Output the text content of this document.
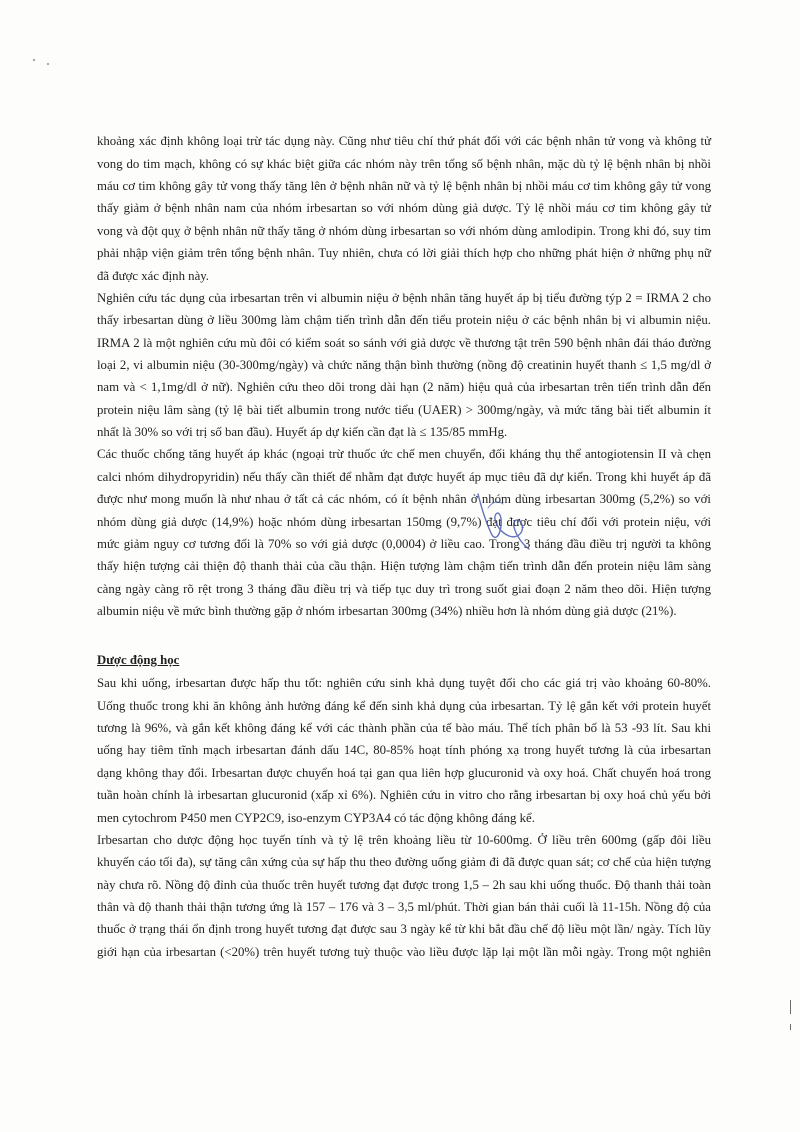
khoảng xác định không loại trừ tác dụng này. Cũng như tiêu chí thứ phát đối với các bệnh nhân tử vong và không tử
vong do tim mạch, không có sự khác biệt giữa các nhóm này trên tổng số bệnh nhân, mặc dù tỷ lệ bệnh nhân bị nhồi
máu cơ tim không gây tử vong thấy tăng lên ở bệnh nhân nữ và tỷ lệ bệnh nhân bị nhồi máu cơ tim không gây tử vong
thấy giảm ở bệnh nhân nam của nhóm irbesartan so với nhóm dùng giả dược. Tỷ lệ nhồi máu cơ tim không gây tử
vong và đột quỵ ở bệnh nhân nữ thấy tăng ở nhóm dùng irbesartan so với nhóm dùng amlodipin. Trong khi đó, suy tim
phải nhập viện giảm trên tổng bệnh nhân. Tuy nhiên, chưa có lời giải thích hợp cho những phát hiện ở những phụ nữ
đã được xác định này.
Nghiên cứu tác dụng của irbesartan trên vi albumin niệu ở bệnh nhân tăng huyết áp bị tiểu đường týp 2 = IRMA 2 cho
thấy irbesartan dùng ở liều 300mg làm chậm tiến trình dẫn đến tiểu protein niệu ở các bệnh nhân bị vi albumin niệu.
IRMA 2 là một nghiên cứu mù đôi có kiểm soát so sánh với giả dược về thương tật trên 590 bệnh nhân đái tháo đường
loại 2, vi albumin niệu (30-300mg/ngày) và chức năng thận bình thường (nồng độ creatinin huyết thanh ≤ 1,5 mg/dl ở
nam và < 1,1mg/dl ở nữ). Nghiên cứu theo dõi trong dài hạn (2 năm) hiệu quả của irbesartan trên tiến trình dẫn đến
protein niệu lâm sàng (tỷ lệ bài tiết albumin trong nước tiểu (UAER) > 300mg/ngày, và mức tăng bài tiết albumin ít
nhất là 30% so với trị số ban đầu). Huyết áp dự kiến cần đạt là ≤ 135/85 mmHg.
Các thuốc chống tăng huyết áp khác (ngoại trừ thuốc ức chế men chuyển, đối kháng thụ thể antogiotensin II và chẹn
calci nhóm dihydropyridin) nếu thấy cần thiết để nhằm đạt được huyết áp mục tiêu đã dự kiến. Trong khi huyết áp đã
được như mong muốn là như nhau ở tất cả các nhóm, có ít bệnh nhân ở nhóm dùng irbesartan 300mg (5,2%) so với
nhóm dùng giả dược (14,9%) hoặc nhóm dùng irbesartan 150mg (9,7%) đạt được tiêu chí đối với protein niệu, với
mức giảm nguy cơ tương đối là 70% so với giả dược (0,0004) ở liều cao. Trong 3 tháng đầu điều trị người ta không
thấy hiện tượng cải thiện độ thanh thải của cầu thận. Hiện tượng làm chậm tiến trình dẫn đến protein niệu lâm sàng
càng ngày càng rõ rệt trong 3 tháng đầu điều trị và tiếp tục duy trì trong suốt giai đoạn 2 năm theo dõi. Hiện tượng
albumin niệu về mức bình thường gặp ở nhóm irbesartan 300mg (34%) nhiều hơn là nhóm dùng giả dược (21%).
Dược động học
Sau khi uống, irbesartan được hấp thu tốt: nghiên cứu sinh khả dụng tuyệt đối cho các giá trị vào khoảng 60-80%.
Uống thuốc trong khi ăn không ảnh hưởng đáng kể đến sinh khả dụng của irbesartan. Tỷ lệ gắn kết với protein huyết
tương là 96%, và gắn kết không đáng kể với các thành phần của tế bào máu. Thể tích phân bố là 53 -93 lít. Sau khi
uống hay tiêm tĩnh mạch irbesartan đánh dấu 14C, 80-85% hoạt tính phóng xạ trong huyết tương là của irbesartan
dạng không thay đổi. Irbesartan được chuyển hoá tại gan qua liên hợp glucuronid và oxy hoá. Chất chuyển hoá trong
tuần hoàn chính là irbesartan glucuronid (xấp xỉ 6%). Nghiên cứu in vitro cho rằng irbesartan bị oxy hoá chủ yếu bởi
men cytochrom P450 men CYP2C9, iso-enzym CYP3A4 có tác động không đáng kể.
Irbesartan cho dược động học tuyến tính và tỷ lệ trên khoảng liều từ 10-600mg. Ở liều trên 600mg (gấp đôi liều
khuyến cáo tối đa), sự tăng cân xứng của sự hấp thu theo đường uống giảm đi đã được quan sát; cơ chế của hiện tượng
này chưa rõ. Nồng độ đỉnh của thuốc trên huyết tương đạt được trong 1,5 – 2h sau khi uống thuốc. Độ thanh thải toàn
thân và độ thanh thải thận tương ứng là 157 – 176 và 3 – 3,5 ml/phút. Thời gian bán thải cuối là 11-15h. Nồng độ của
thuốc ở trạng thái ổn định trong huyết tương đạt được sau 3 ngày kể từ khi bắt đầu chế độ liều một lần/ ngày. Tích lũy
giới hạn của irbesartan (<20%) trên huyết tương tuỳ thuộc vào liều được lặp lại một lần mỗi ngày. Trong một nghiên
